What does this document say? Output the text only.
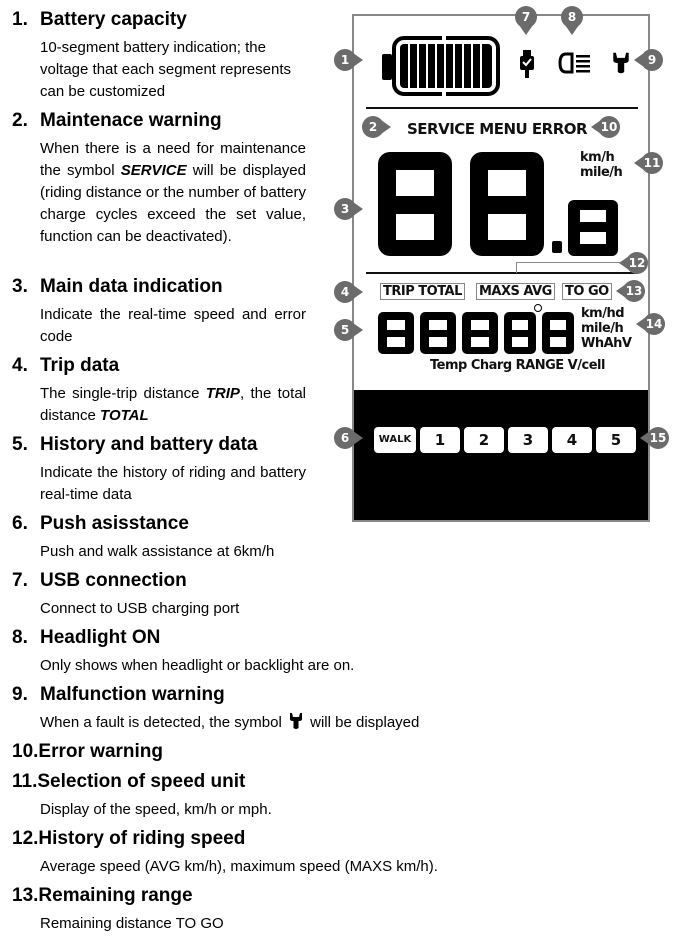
1. Battery capacity
10-segment battery indication; the voltage that each segment represents can be customized
2. Maintenace warning
When there is a need for maintenance the symbol SERVICE will be displayed (riding distance or the number of battery charge cycles exceed the set value, function can be deactivated).
3. Main data indication
Indicate the real-time speed and error code
4. Trip data
The single-trip distance TRIP, the total distance TOTAL
5. History and battery data
Indicate the history of riding and battery real-time data
6. Push asisstance
Push and walk assistance at 6km/h
7. USB connection
Connect to USB charging port
8. Headlight ON
Only shows when headlight or backlight are on.
9. Malfunction warning
When a fault is detected, the symbol will be displayed
10.Error warning
11.Selection of speed unit
Display of the speed, km/h or mph.
12.History of riding speed
Average speed (AVG km/h), maximum speed (MAXS km/h).
13.Remaining range
Remaining distance TO GO
SERVICE MENU ERROR
km/h
mile/h
TRIP TOTAL MAXS AVG TO GO
km/hd
mile/h
WhAhV
Temp Charg RANGE V/cell
WALK	1	2	3	4	5
1
2
3
4
5
6
7	8
9
10
11
12
13
14
15
